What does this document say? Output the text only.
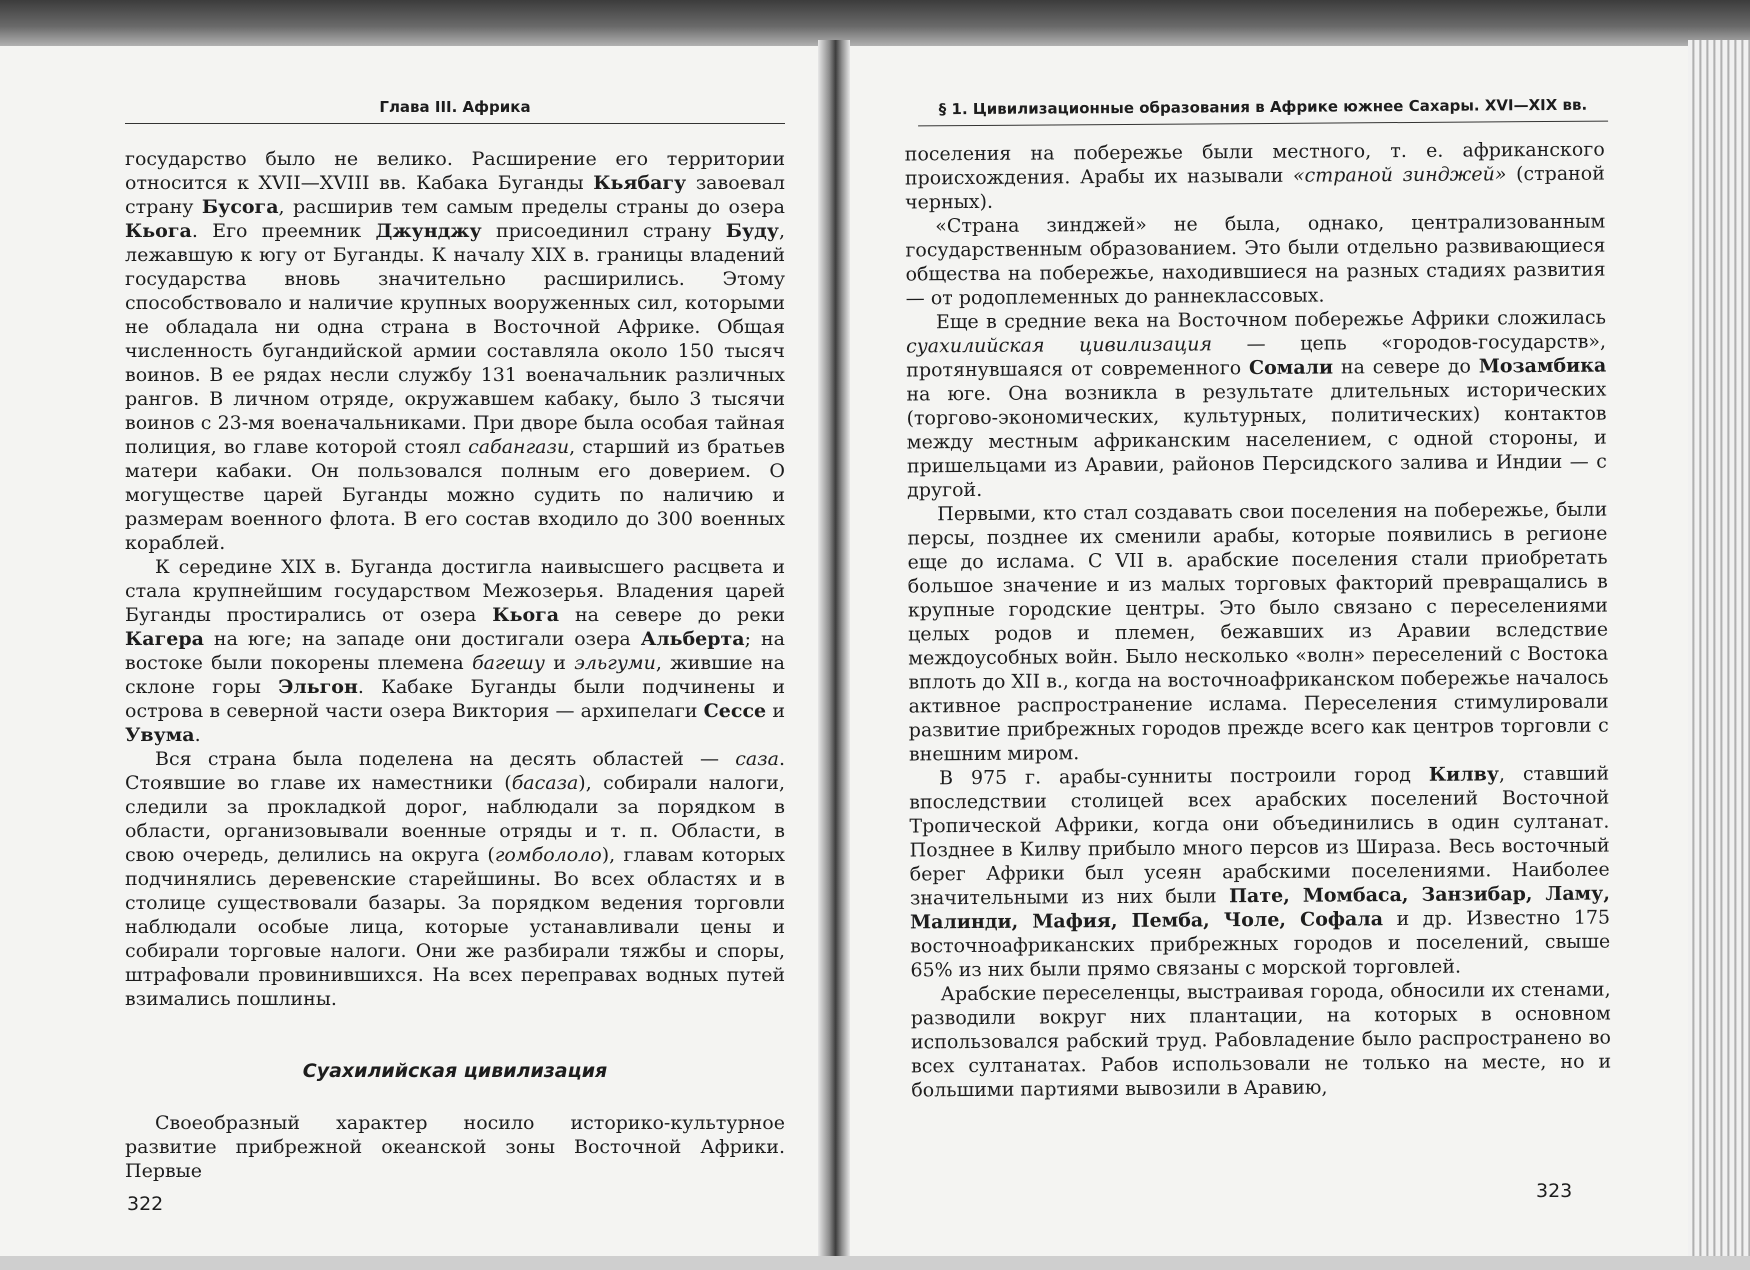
Глава III. Африка

государство было не велико. Расширение его территории относится к XVII—XVIII вв. Кабака Буганды Кьябагу завоевал страну Бусога, расширив тем самым пределы страны до озера Кьога. Его преемник Джунджу присоединил страну Буду, лежавшую к югу от Буганды. К началу XIX в. границы владений государства вновь значительно расширились. Этому способствовало и наличие крупных вооруженных сил, которыми не обладала ни одна страна в Восточной Африке. Общая численность бугандийской армии составляла около 150 тысяч воинов. В ее рядах несли службу 131 военачальник различных рангов. В личном отряде, окружавшем кабаку, было 3 тысячи воинов с 23-мя военачальниками. При дворе была особая тайная полиция, во главе которой стоял сабангази, старший из братьев матери кабаки. Он пользовался полным его доверием. О могуществе царей Буганды можно судить по наличию и размерам военного флота. В его состав входило до 300 военных кораблей.

К середине XIX в. Буганда достигла наивысшего расцвета и стала крупнейшим государством Межозерья. Владения царей Буганды простирались от озера Кьога на севере до реки Кагера на юге; на западе они достигали озера Альберта; на востоке были покорены племена багешу и эльгуми, жившие на склоне горы Эльгон. Кабаке Буганды были подчинены и острова в северной части озера Виктория — архипелаги Сессе и Увума.

Вся страна была поделена на десять областей — саза. Стоявшие во главе их наместники (басаза), собирали налоги, следили за прокладкой дорог, наблюдали за порядком в области, организовывали военные отряды и т. п. Области, в свою очередь, делились на округа (гомбололо), главам которых подчинялись деревенские старейшины. Во всех областях и в столице существовали базары. За порядком ведения торговли наблюдали особые лица, которые устанавливали цены и собирали торговые налоги. Они же разбирали тяжбы и споры, штрафовали провинившихся. На всех переправах водных путей взимались пошлины.

Суахилийская цивилизация

Своеобразный характер носило историко-культурное развитие прибрежной океанской зоны Восточной Африки. Первые

322
§ 1. Цивилизационные образования в Африке южнее Сахары. XVI—XIX вв.

поселения на побережье были местного, т. е. африканского происхождения. Арабы их называли «страной зинджей» (страной черных).

«Страна зинджей» не была, однако, централизованным государственным образованием. Это были отдельно развивающиеся общества на побережье, находившиеся на разных стадиях развития — от родоплеменных до раннеклассовых.

Еще в средние века на Восточном побережье Африки сложилась суахилийская цивилизация — цепь «городов-государств», протянувшаяся от современного Сомали на севере до Мозамбика на юге. Она возникла в результате длительных исторических (торгово-экономических, культурных, политических) контактов между местным африканским населением, с одной стороны, и пришельцами из Аравии, районов Персидского залива и Индии — с другой.

Первыми, кто стал создавать свои поселения на побережье, были персы, позднее их сменили арабы, которые появились в регионе еще до ислама. С VII в. арабские поселения стали приобретать большое значение и из малых торговых факторий превращались в крупные городские центры. Это было связано с переселениями целых родов и племен, бежавших из Аравии вследствие междоусобных войн. Было несколько «волн» переселений с Востока вплоть до XII в., когда на восточноафриканском побережье началось активное распространение ислама. Переселения стимулировали развитие прибрежных городов прежде всего как центров торговли с внешним миром.

В 975 г. арабы-сунниты построили город Килву, ставший впоследствии столицей всех арабских поселений Восточной Тропической Африки, когда они объединились в один султанат. Позднее в Килву прибыло много персов из Шираза. Весь восточный берег Африки был усеян арабскими поселениями. Наиболее значительными из них были Пате, Момбаса, Занзибар, Ламу, Малинди, Мафия, Пемба, Чоле, Софала и др. Известно 175 восточноафриканских прибрежных городов и поселений, свыше 65% из них были прямо связаны с морской торговлей.

Арабские переселенцы, выстраивая города, обносили их стенами, разводили вокруг них плантации, на которых в основном использовался рабский труд. Рабовладение было распространено во всех султанатах. Рабов использовали не только на месте, но и большими партиями вывозили в Аравию,

323
